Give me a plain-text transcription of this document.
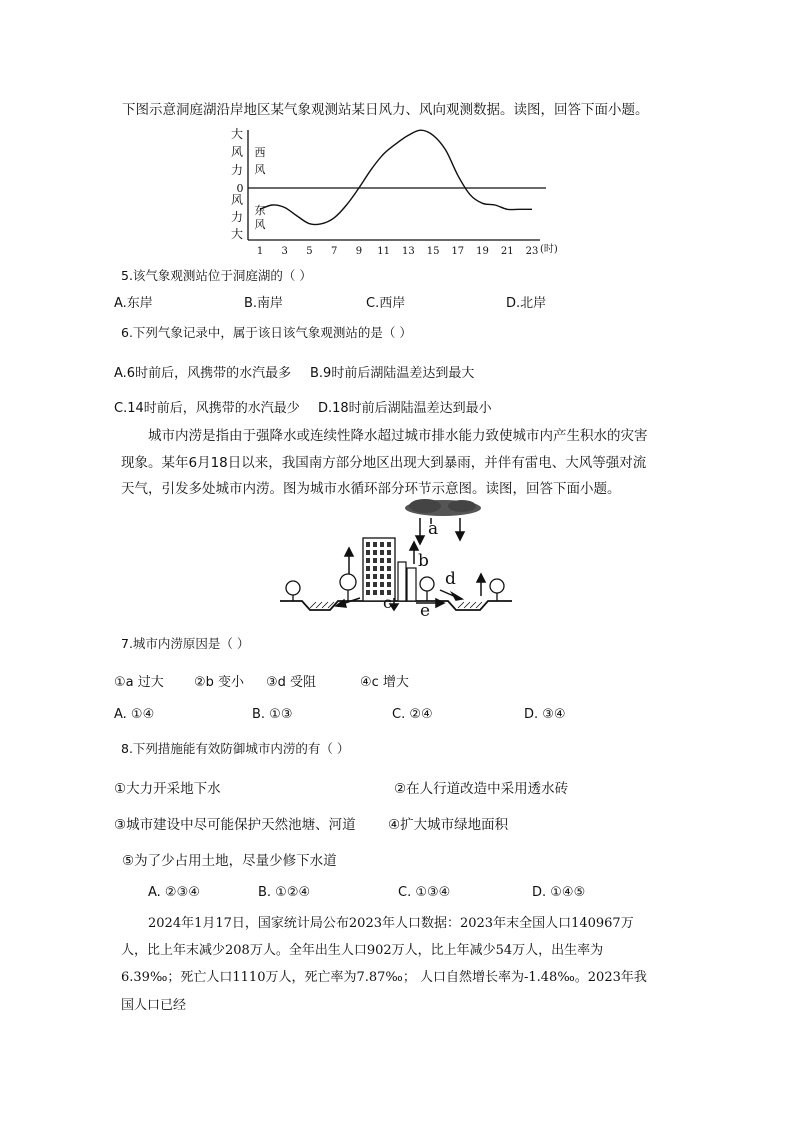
下图示意洞庭湖沿岸地区某气象观测站某日风力、风向观测数据。读图，回答下面小题。
大
风
力
风
力
大
0
西
风
东
风
1 3 5 7 9 11 13 15 17 19 21 23 (时)
5.该气象观测站位于洞庭湖的（ ）
A.东岸	B.南岸	C.西岸	D.北岸
6.下列气象记录中，属于该日该气象观测站的是（ ）
A.6时前后，风携带的水汽最多 B.9时前后湖陆温差达到最大
C.14时前后，风携带的水汽最少 D.18时前后湖陆温差达到最小
城市内涝是指由于强降水或连续性降水超过城市排水能力致使城市内产生积水的灾害
现象。某年6月18日以来，我国南方部分地区出现大到暴雨，并伴有雷电、大风等强对流
天气，引发多处城市内涝。图为城市水循环部分环节示意图。读图，回答下面小题。
a
b
d
c e
7.城市内涝原因是（ ）
①a 过大 ②b 变小 ③d 受阻	④c 增大
A. ①④	B. ①③	C. ②④	D. ③④
8.下列措施能有效防御城市内涝的有（ ）
①大力开采地下水	②在人行道改造中采用透水砖
③城市建设中尽可能保护天然池塘、河道 ④扩大城市绿地面积
⑤为了少占用土地，尽量少修下水道
A. ②③④	B. ①②④	C. ①③④	D. ①④⑤
2024年1月17日，国家统计局公布2023年人口数据：2023年末全国人口140967万
人，比上年末减少208万人。全年出生人口902万人，比上年减少54万人，出生率为
6.39‰；死亡人口1110万人，死亡率为7.87‰； 人口自然增长率为-1.48‰。2023年我
国人口已经
